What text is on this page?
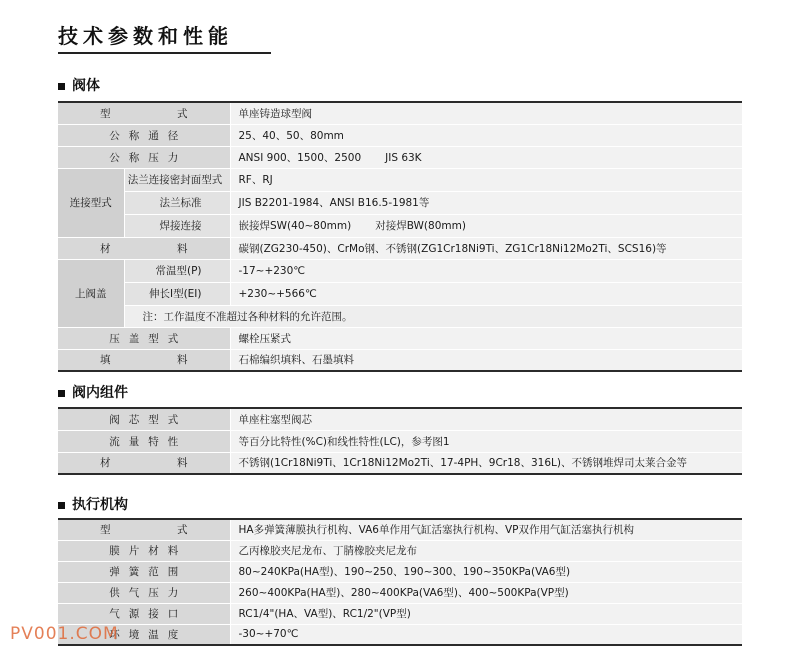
技术参数和性能
阀体
型　式		单座铸造球型阀
公称通径		25、40、50、80mm
公称压力		ANSI 900、1500、2500 JIS 63K
连接型式	法兰连接密封面型式	RF、RJ
	法兰标准	JIS B2201-1984、ANSI B16.5-1981等
	焊接连接	嵌接焊SW(40~80mm) 对接焊BW(80mm)
材　料		碳钢(ZG230-450)、CrMo钢、不锈钢(ZG1Cr18Ni9Ti、ZG1Cr18Ni12Mo2Ti、SCS16)等
上阀盖	常温型(P)	-17~+230℃
	伸长Ⅰ型(EⅠ)	+230~+566℃
	注：工作温度不准超过各种材料的允许范围。	
压盖型式		螺栓压紧式
填　料		石棉编织填料、石墨填料
阀内组件
阀芯型式	单座柱塞型阀芯
流量特性	等百分比特性(%C)和线性特性(LC)，参考图1
材　料	不锈钢(1Cr18Ni9Ti、1Cr18Ni12Mo2Ti、17-4PH、9Cr18、316L)、不锈钢堆焊司太莱合金等
执行机构
型　式	HA多弹簧薄膜执行机构、VA6单作用气缸活塞执行机构、VP双作用气缸活塞执行机构
膜片材料	乙丙橡胶夹尼龙布、丁腈橡胶夹尼龙布
弹簧范围	80~240KPa(HA型)、190~250、190~300、190~350KPa(VA6型)
供气压力	260~400KPa(HA型)、280~400KPa(VA6型)、400~500KPa(VP型)
气源接口	RC1/4"(HA、VA型)、RC1/2"(VP型)
环境温度	-30~+70℃
PV001.COM
